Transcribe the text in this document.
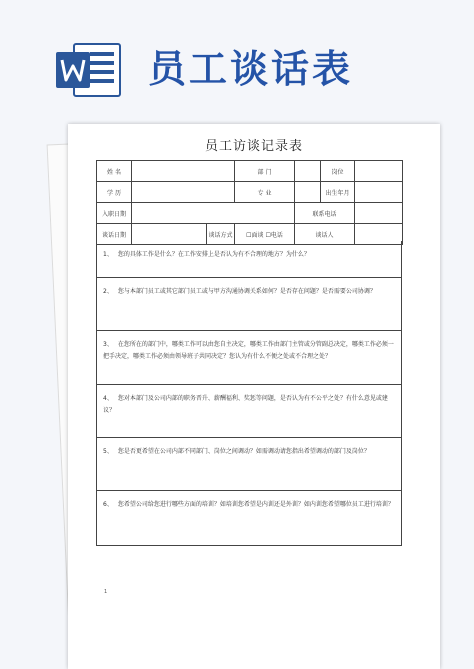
员工谈话表
员工访谈记录表
姓 名			部 门		岗位	
学 历			专 业		出生年月	
入职日期				联系电话		
谈话日期		谈话方式	☐面谈 ☐电话	谈话人		
1、 您的具体工作是什么？在工作安排上是否认为有不合理的地方？为什么？
2、 您与本部门员工或其它部门员工或与甲方沟通协调关系如何？是否存在问题？是否需要公司协调？
3、 在您所在的部门中，哪类工作可以由您自主决定，哪类工作由部门主管或分管副总决定，哪类工作必须一把手决定，哪类工作必须由领导班子共同决定？您认为有什么不便之处或不合理之处？
4、 您对本部门及公司内部的职务晋升、薪酬福利、奖惩等问题，是否认为有不公平之处？有什么意见或建议？
5、 您是否更希望在公司内部不同部门、岗位之间调动？如需调动请您指出希望调动的部门及岗位？
6、 您希望公司给您进行哪些方面的培训？如培训您希望是内训还是外训？如内训您希望哪位员工进行培训？
1
